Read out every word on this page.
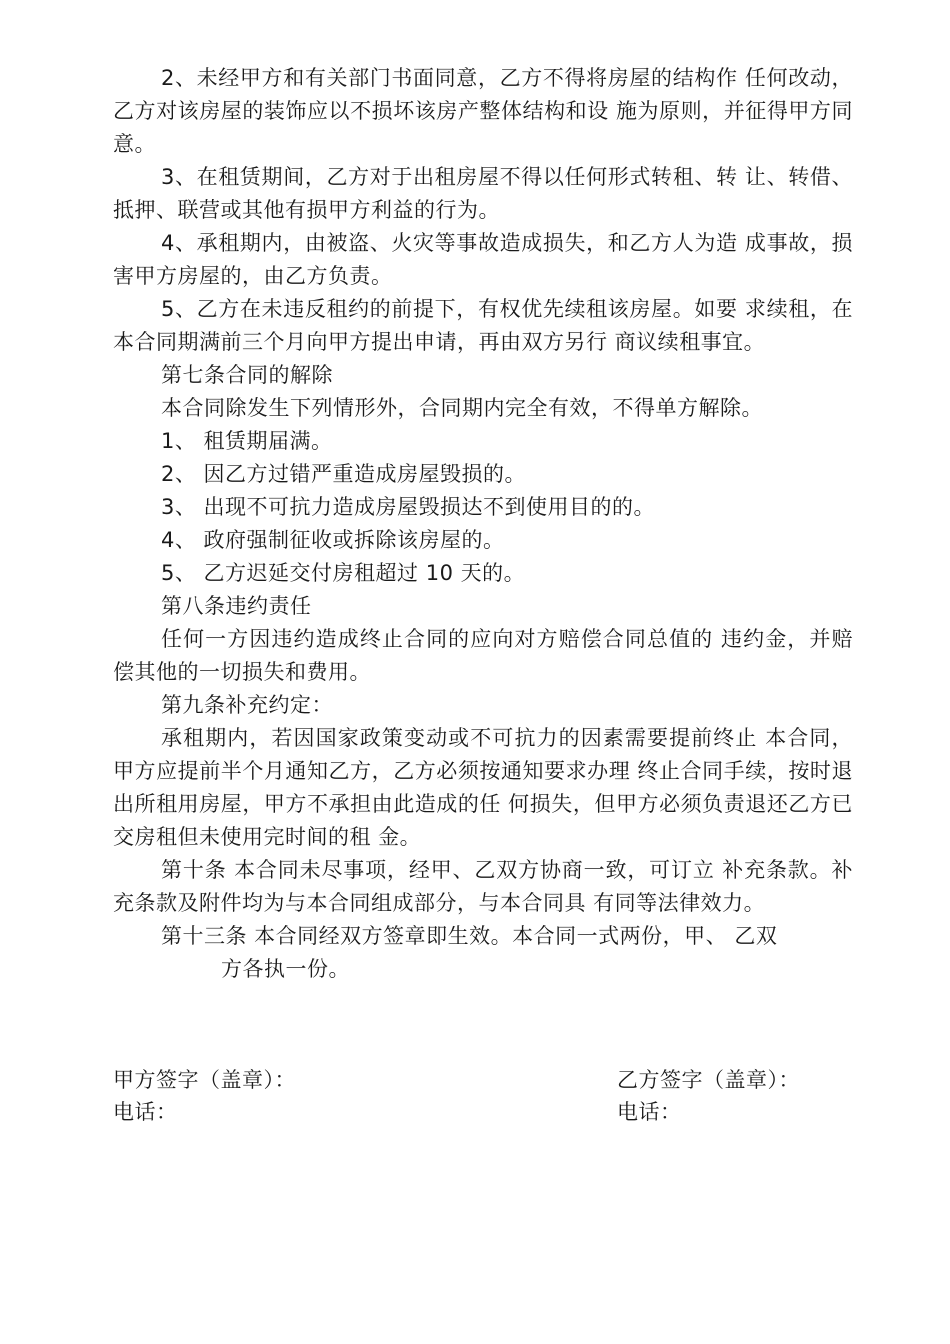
2、未经甲方和有关部门书面同意，乙方不得将房屋的结构作 任何改动，乙方对该房屋的装饰应以不损坏该房产整体结构和设 施为原则，并征得甲方同意。

3、在租赁期间，乙方对于出租房屋不得以任何形式转租、转 让、转借、抵押、联营或其他有损甲方利益的行为。

4、承租期内，由被盗、火灾等事故造成损失，和乙方人为造 成事故，损害甲方房屋的，由乙方负责。

5、乙方在未违反租约的前提下，有权优先续租该房屋。如要 求续租，在本合同期满前三个月向甲方提出申请，再由双方另行 商议续租事宜。

第七条合同的解除

本合同除发生下列情形外，合同期内完全有效，不得单方解除。

1、 租赁期届满。

2、 因乙方过错严重造成房屋毁损的。

3、 出现不可抗力造成房屋毁损达不到使用目的的。

4、 政府强制征收或拆除该房屋的。

5、 乙方迟延交付房租超过 10 天的。

第八条违约责任

任何一方因违约造成终止合同的应向对方赔偿合同总值的 违约金，并赔偿其他的一切损失和费用。

第九条补充约定：

承租期内，若因国家政策变动或不可抗力的因素需要提前终止 本合同，甲方应提前半个月通知乙方，乙方必须按通知要求办理 终止合同手续，按时退出所租用房屋，甲方不承担由此造成的任 何损失，但甲方必须负责退还乙方已交房租但未使用完时间的租 金。

第十条 本合同未尽事项，经甲、乙双方协商一致，可订立 补充条款。补充条款及附件均为与本合同组成部分，与本合同具 有同等法律效力。

第十三条 本合同经双方签章即生效。本合同一式两份，甲、 乙双
方各执一份。

甲方签字（盖章）：
电话：
乙方签字（盖章）：
电话：
